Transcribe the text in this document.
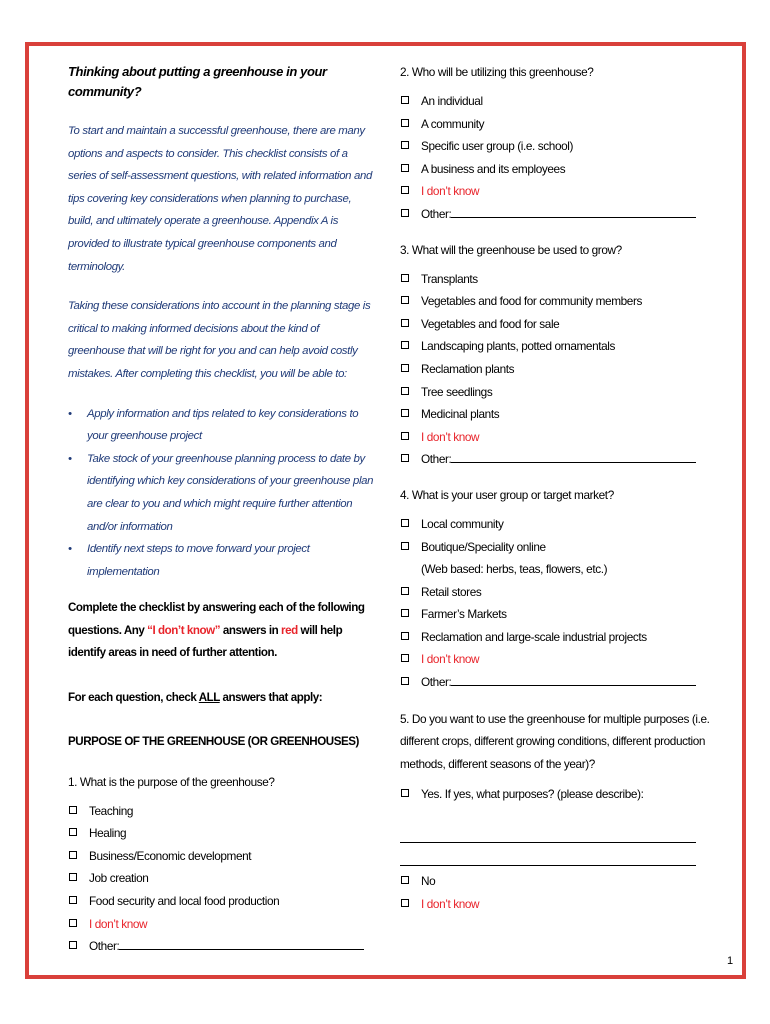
Thinking about putting a greenhouse in your community?

To start and maintain a successful greenhouse, there are many options and aspects to consider. This checklist consists of a series of self-assessment questions, with related information and tips covering key considerations when planning to purchase, build, and ultimately operate a greenhouse. Appendix A is provided to illustrate typical greenhouse components and terminology.

Taking these considerations into account in the planning stage is critical to making informed decisions about the kind of greenhouse that will be right for you and can help avoid costly mistakes. After completing this checklist, you will be able to:

• Apply information and tips related to key considerations to your greenhouse project
• Take stock of your greenhouse planning process to date by identifying which key considerations of your greenhouse plan are clear to you and which might require further attention and/or information
• Identify next steps to move forward your project implementation

Complete the checklist by answering each of the following questions. Any “I don’t know” answers in red will help identify areas in need of further attention.

For each question, check ALL answers that apply:

PURPOSE OF THE GREENHOUSE (OR GREENHOUSES)

1. What is the purpose of the greenhouse?

Teaching
Healing
Business/Economic development
Job creation
Food security and local food production
I don’t know
Other:

2. Who will be utilizing this greenhouse?

An individual
A community
Specific user group (i.e. school)
A business and its employees
I don’t know
Other:

3. What will the greenhouse be used to grow?

Transplants
Vegetables and food for community members
Vegetables and food for sale
Landscaping plants, potted ornamentals
Reclamation plants
Tree seedlings
Medicinal plants
I don’t know
Other:

4. What is your user group or target market?

Local community
Boutique/Speciality online
(Web based: herbs, teas, flowers, etc.)
Retail stores
Farmer’s Markets
Reclamation and large-scale industrial projects
I don’t know
Other:

5. Do you want to use the greenhouse for multiple purposes (i.e. different crops, different growing conditions, different production methods, different seasons of the year)?

Yes. If yes, what purposes? (please describe):
No
I don’t know
1
